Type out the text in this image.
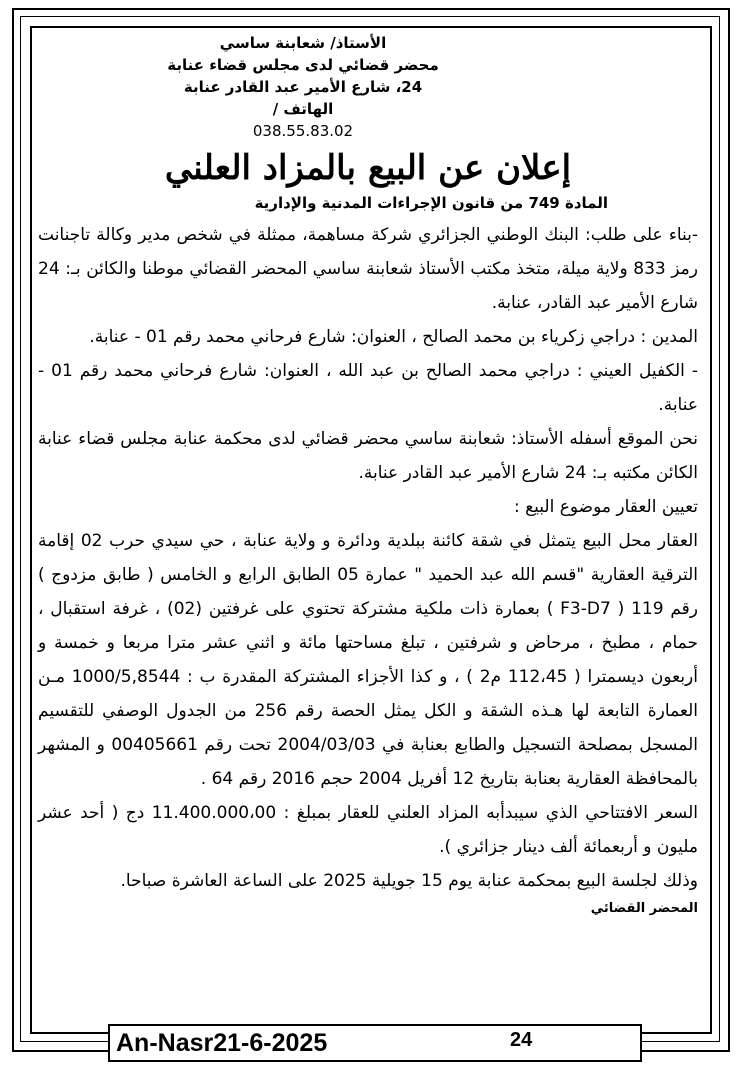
الأستاذ/ شعابنة ساسي
محضر قضائي لدى مجلس قضاء عنابة
24، شارع الأمير عبد القادر عنابة
الهاتف /
038.55.83.02
إعلان عن البيع بالمزاد العلني
المادة 749 من قانون الإجراءات المدنية والإدارية

-بناء على طلب: البنك الوطني الجزائري شركة مساهمة، ممثلة في شخص مدير وكالة تاجنانت رمز 833 ولاية ميلة، متخذ مكتب الأستاذ شعابنة ساسي المحضر القضائي موطنا والكائن بـ: 24 شارع الأمير عبد القادر، عنابة.

المدين : دراجي زكرياء بن محمد الصالح ، العنوان: شارع فرحاني محمد رقم 01 - عنابة.

- الكفيل العيني : دراجي محمد الصالح بن عبد الله ، العنوان: شارع فرحاني محمد رقم 01 - عنابة.

نحن الموقع أسفله الأستاذ: شعابنة ساسي محضر قضائي لدى محكمة عنابة مجلس قضاء عنابة الكائن مكتبه بـ: 24 شارع الأمير عبد القادر عنابة.

تعيين العقار موضوع البيع :

العقار محل البيع يتمثل في شقة كائنة ببلدية ودائرة و ولاية عنابة ، حي سيدي حرب 02 إقامة الترقية العقارية "قسم الله عبد الحميد " عمارة 05 الطابق الرابع و الخامس ( طابق مزدوج ) رقم 119 ( F3-D7 ) بعمارة ذات ملكية مشتركة تحتوي على غرفتين (02) ، غرفة استقبال ، حمام ، مطبخ ، مرحاض و شرفتين ، تبلغ مساحتها مائة و اثني عشر مترا مربعا و خمسة و أربعون ديسمترا ( 112،45 م2 ) ، و كذا الأجزاء المشتركة المقدرة ب : 1000/5,8544 مـن العمارة التابعة لها هـذه الشقة و الكل يمثل الحصة رقم 256 من الجدول الوصفي للتقسيم المسجل بمصلحة التسجيل والطابع بعنابة في 2004/03/03 تحت رقم 00405661 و المشهر بالمحافظة العقارية بعنابة بتاريخ 12 أفريل 2004 حجم 2016 رقم 64 .

السعر الافتتاحي الذي سيبدأبه المزاد العلني للعقار بمبلغ : 11.400.000،00 دج ( أحد عشر مليون و أربعمائة ألف دينار جزائري ).

وذلك لجلسة البيع بمحكمة عنابة يوم 15 جويلية 2025 على الساعة العاشرة صباحا.

المحضر القضائي
An-Nasr21-6-2025	24
